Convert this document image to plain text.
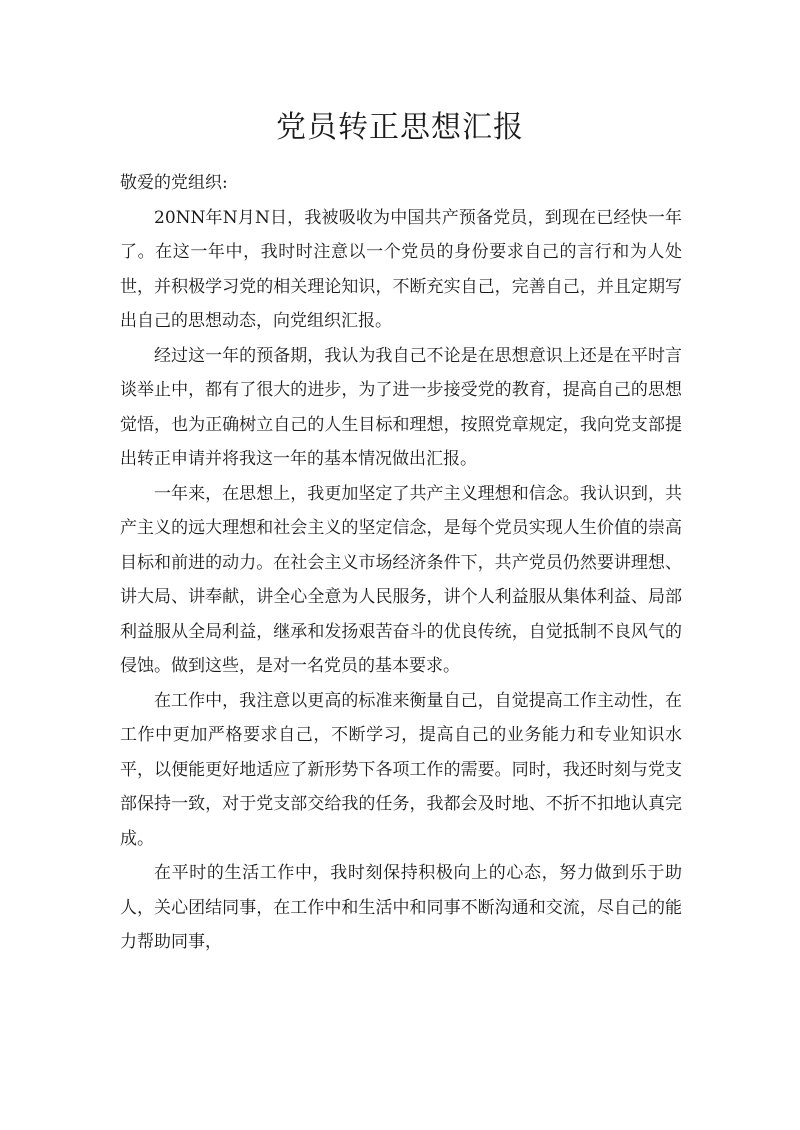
党员转正思想汇报

敬爱的党组织:

20NN年N月N日，我被吸收为中国共产预备党员，到现在已经快一年了。在这一年中，我时时注意以一个党员的身份要求自己的言行和为人处世，并积极学习党的相关理论知识，不断充实自己，完善自己，并且定期写出自己的思想动态，向党组织汇报。

经过这一年的预备期，我认为我自己不论是在思想意识上还是在平时言谈举止中，都有了很大的进步，为了进一步接受党的教育，提高自己的思想觉悟，也为正确树立自己的人生目标和理想，按照党章规定，我向党支部提出转正申请并将我这一年的基本情况做出汇报。

一年来，在思想上，我更加坚定了共产主义理想和信念。我认识到，共产主义的远大理想和社会主义的坚定信念，是每个党员实现人生价值的崇高目标和前进的动力。在社会主义市场经济条件下，共产党员仍然要讲理想、讲大局、讲奉献，讲全心全意为人民服务，讲个人利益服从集体利益、局部利益服从全局利益，继承和发扬艰苦奋斗的优良传统，自觉抵制不良风气的侵蚀。做到这些，是对一名党员的基本要求。

在工作中，我注意以更高的标准来衡量自己，自觉提高工作主动性，在工作中更加严格要求自己，不断学习，提高自己的业务能力和专业知识水平，以便能更好地适应了新形势下各项工作的需要。同时，我还时刻与党支部保持一致，对于党支部交给我的任务，我都会及时地、不折不扣地认真完成。

在平时的生活工作中，我时刻保持积极向上的心态，努力做到乐于助人，关心团结同事，在工作中和生活中和同事不断沟通和交流，尽自己的能力帮助同事，
